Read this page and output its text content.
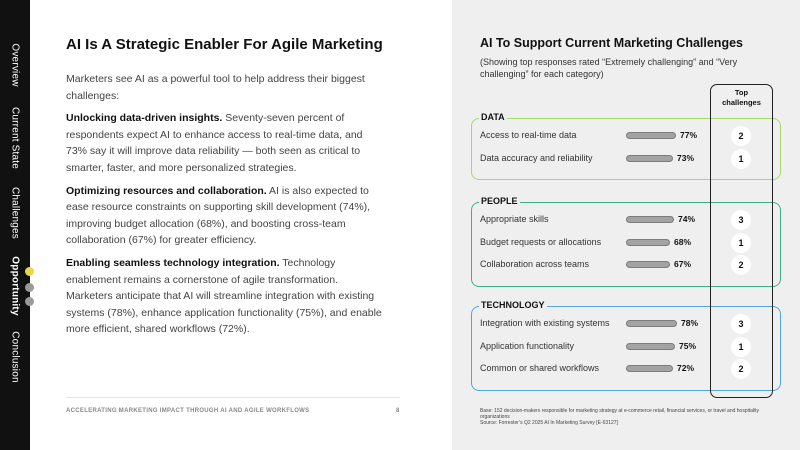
Overview
Current State
Challenges
Opportunity
Conclusion
AI Is A Strategic Enabler For Agile Marketing

Marketers see AI as a powerful tool to help address their biggest challenges:

Unlocking data-driven insights. Seventy-seven percent of respondents expect AI to enhance access to real-time data, and 73% say it will improve data reliability — both seen as critical to smarter, faster, and more personalized strategies.

Optimizing resources and collaboration. AI is also expected to ease resource constraints on supporting skill development (74%), improving budget allocation (68%), and boosting cross-team collaboration (67%) for greater efficiency.

Enabling seamless technology integration. Technology enablement remains a cornerstone of agile transformation. Marketers anticipate that AI will streamline integration with existing systems (78%), enhance application functionality (75%), and enable more efficient, shared workflows (72%).

ACCELERATING MARKETING IMPACT THROUGH AI AND AGILE WORKFLOWS	8
AI To Support Current Marketing Challenges
(Showing top responses rated “Extremely challenging” and “Very challenging” for each category)
DATA
Access to real-time data	77%	2
Data accuracy and reliability	73%	1
PEOPLE
Appropriate skills	74%	3
Budget requests or allocations	68%	1
Collaboration across teams	67%	2
TECHNOLOGY
Integration with existing systems	78%	3
Application functionality	75%	1
Common or shared workflows	72%	2
Top
challenges
Base: 152 decision-makers responsible for marketing strategy at e-commerce retail, financial services, or travel and hospitality organizations
Source: Forrester’s Q2 2025 AI In Marketing Survey [E-63127]
